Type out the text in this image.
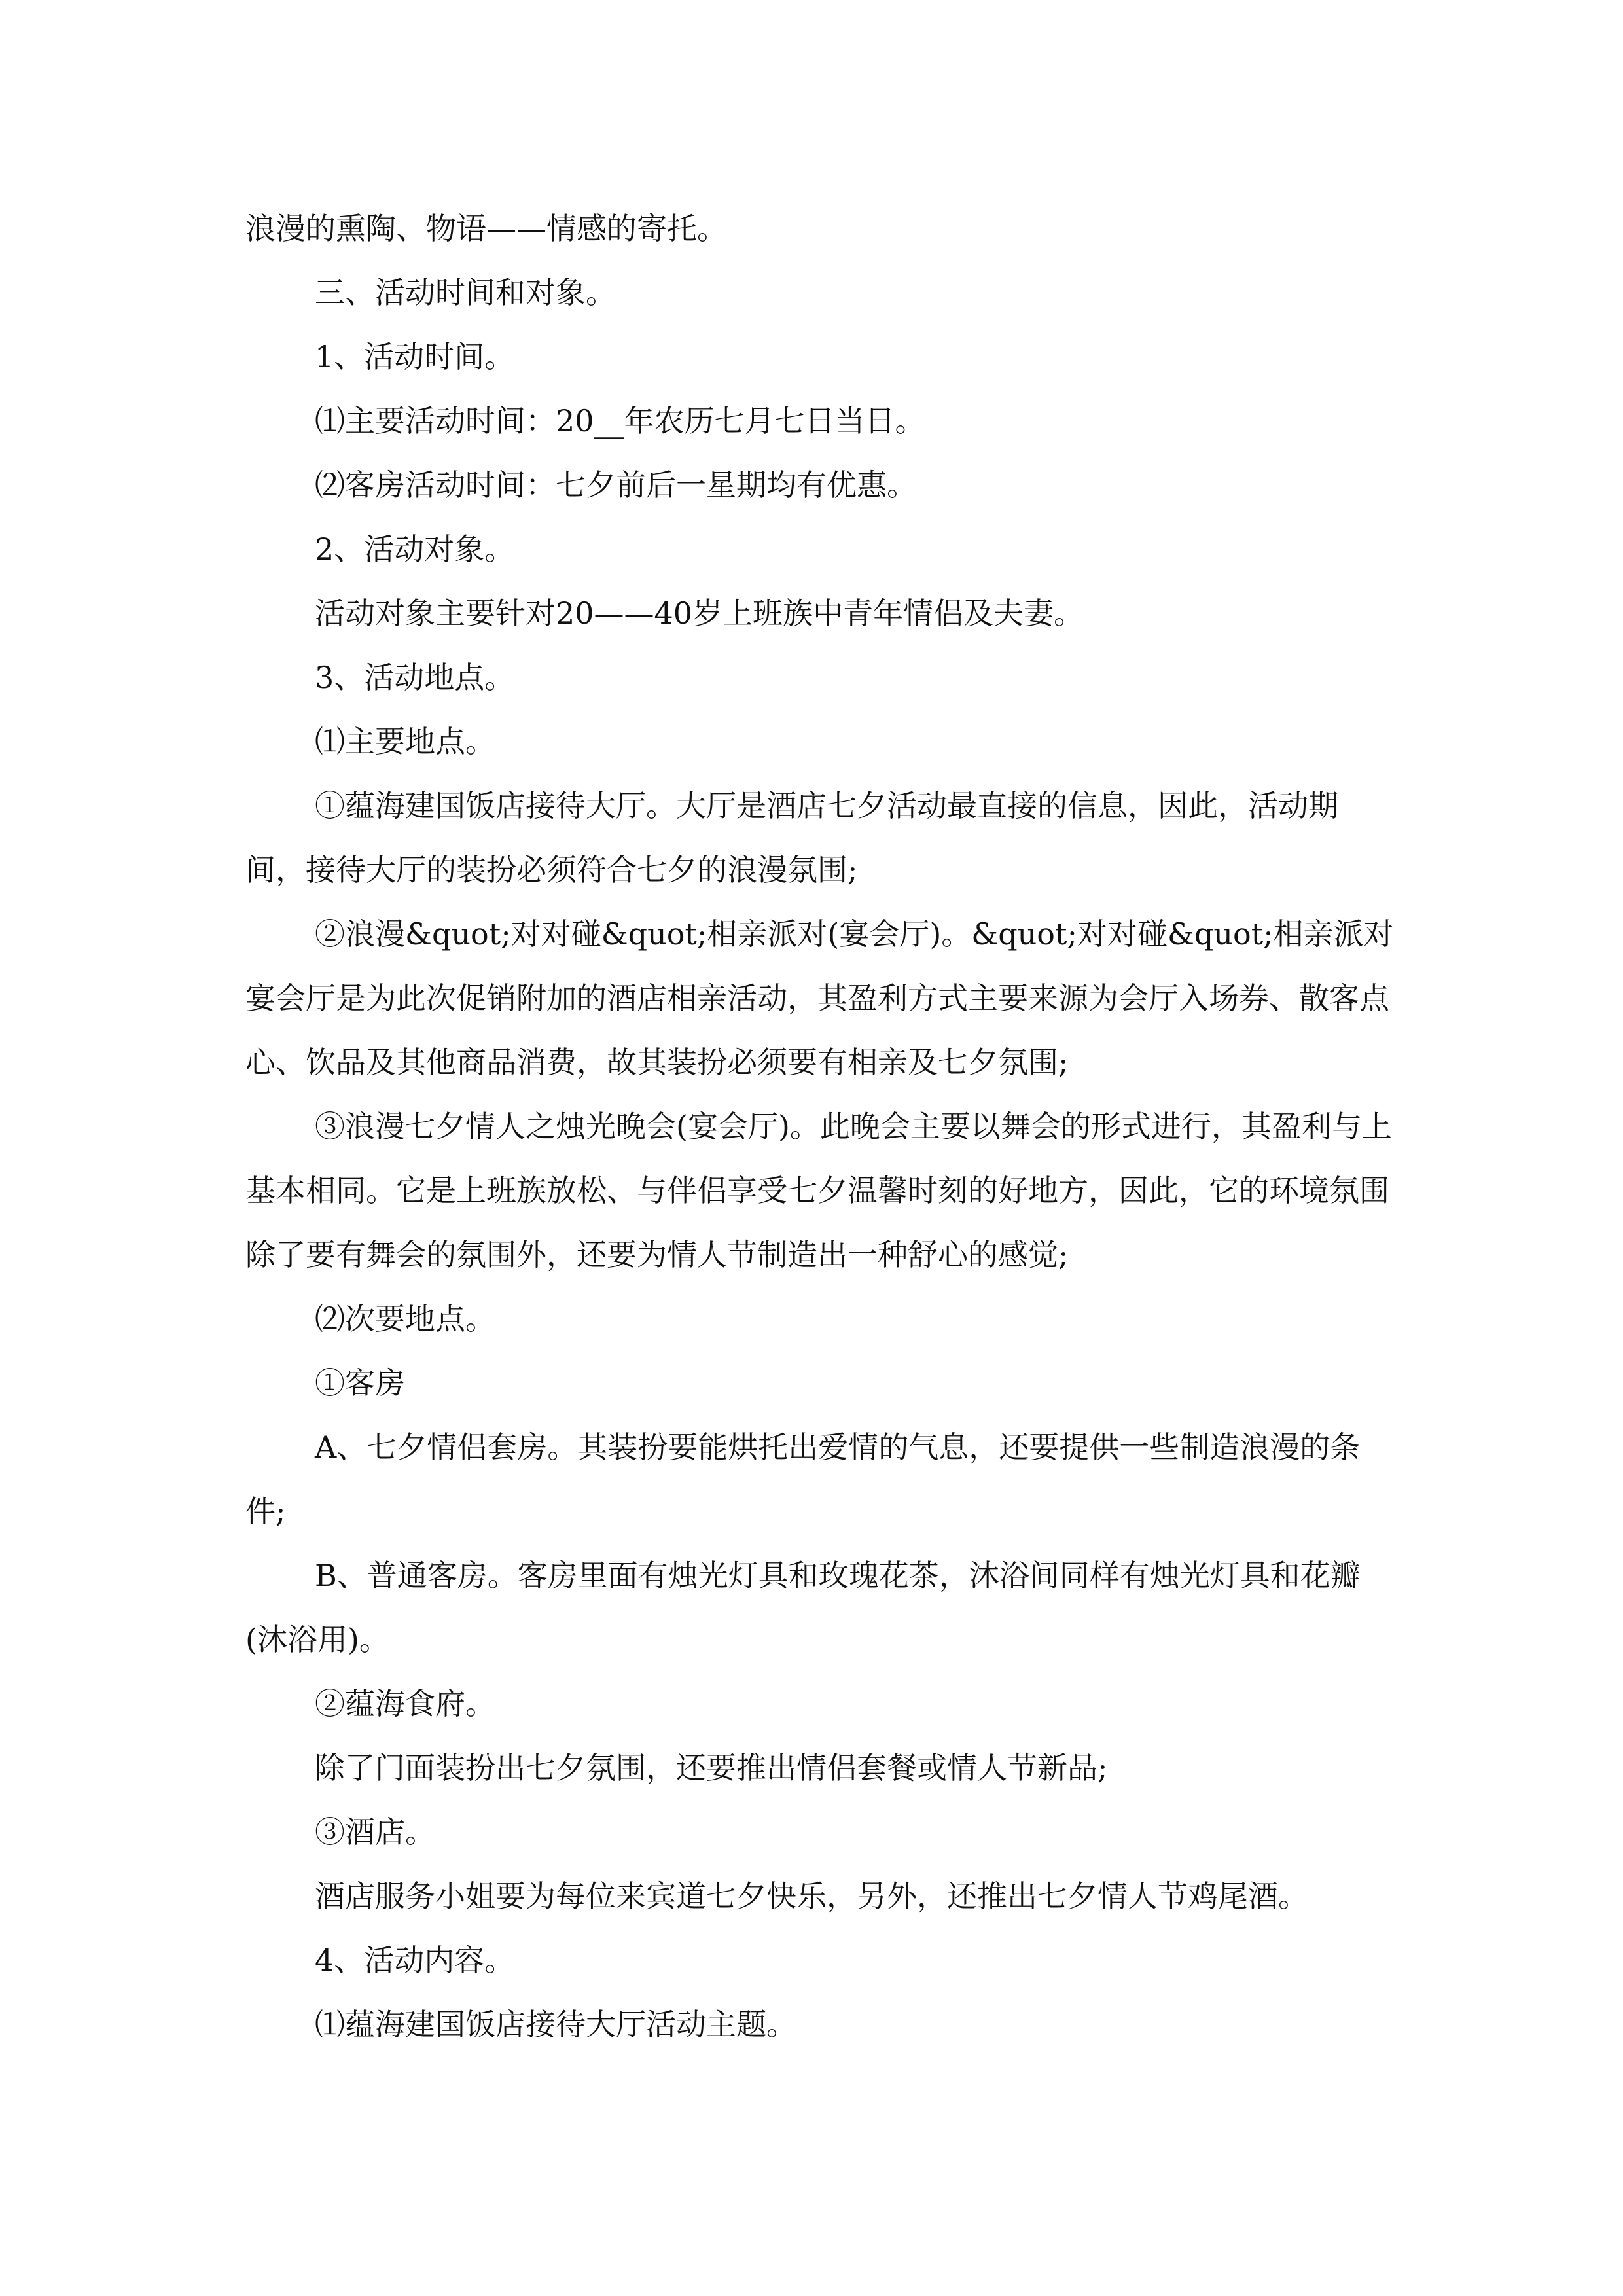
浪漫的熏陶、物语——情感的寄托。

三、活动时间和对象。

1、活动时间。

⑴主要活动时间：20__年农历七月七日当日。

⑵客房活动时间：七夕前后一星期均有优惠。

2、活动对象。

活动对象主要针对20——40岁上班族中青年情侣及夫妻。

3、活动地点。

⑴主要地点。

①蕴海建国饭店接待大厅。大厅是酒店七夕活动最直接的信息，因此，活动期间，接待大厅的装扮必须符合七夕的浪漫氛围;

②浪漫&quot;对对碰&quot;相亲派对(宴会厅)。&quot;对对碰&quot;相亲派对宴会厅是为此次促销附加的酒店相亲活动，其盈利方式主要来源为会厅入场券、散客点心、饮品及其他商品消费，故其装扮必须要有相亲及七夕氛围;

③浪漫七夕情人之烛光晚会(宴会厅)。此晚会主要以舞会的形式进行，其盈利与上基本相同。它是上班族放松、与伴侣享受七夕温馨时刻的好地方，因此，它的环境氛围除了要有舞会的氛围外，还要为情人节制造出一种舒心的感觉;

⑵次要地点。

①客房

A、七夕情侣套房。其装扮要能烘托出爱情的气息，还要提供一些制造浪漫的条件;

B、普通客房。客房里面有烛光灯具和玫瑰花茶，沐浴间同样有烛光灯具和花瓣(沐浴用)。

②蕴海食府。

除了门面装扮出七夕氛围，还要推出情侣套餐或情人节新品;

③酒店。

酒店服务小姐要为每位来宾道七夕快乐，另外，还推出七夕情人节鸡尾酒。

4、活动内容。

⑴蕴海建国饭店接待大厅活动主题。
